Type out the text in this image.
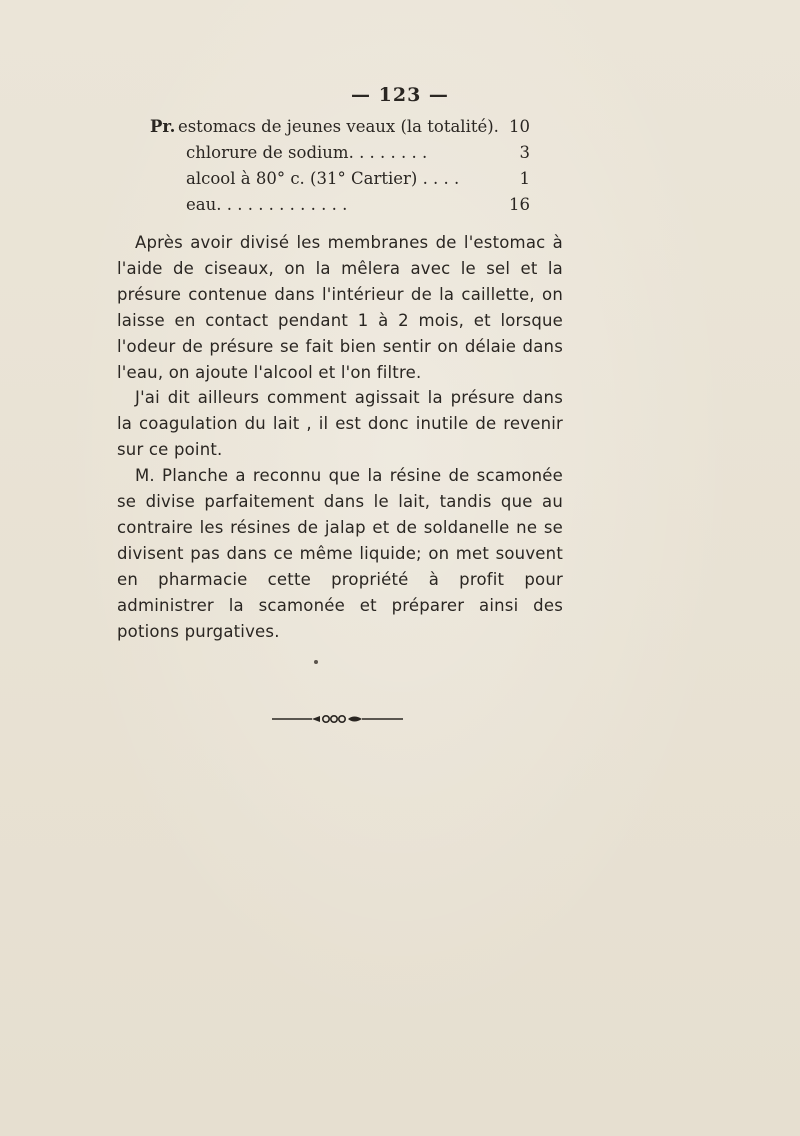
— 123 —
Pr. estomacs de jeunes veaux (la totalité). 10
chlorure de sodium. . . . . . . .	3
alcool à 80° c. (31° Cartier) . . . .	1
eau. . . . . . . . . . . . .	16

Après avoir divisé les membranes de l'estomac à l'aide de ciseaux, on la mêlera avec le sel et la présure contenue dans l'intérieur de la caillette, on laisse en contact pendant 1 à 2 mois, et lorsque l'odeur de présure se fait bien sentir on délaie dans l'eau, on ajoute l'alcool et l'on filtre.

J'ai dit ailleurs comment agissait la présure dans la coagulation du lait , il est donc inutile de revenir sur ce point.

M. Planche a reconnu que la résine de scamonée se divise parfaitement dans le lait, tandis que au contraire les résines de jalap et de soldanelle ne se divisent pas dans ce même liquide; on met souvent en pharmacie cette propriété à profit pour administrer la scamonée et préparer ainsi des potions purgatives.
